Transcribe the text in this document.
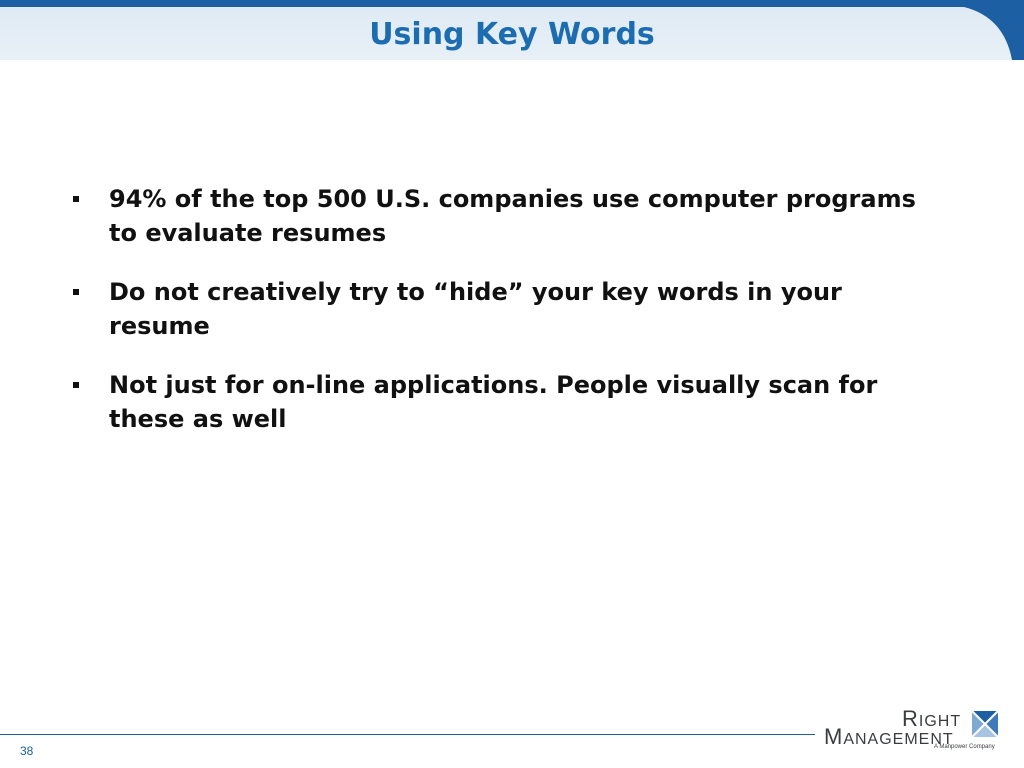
Using Key Words
94% of the top 500 U.S. companies use computer programs to evaluate resumes
Do not creatively try to “hide” your key words in your resume
Not just for on-line applications. People visually scan for these as well
38
RIGHT
MANAGEMENT
A Manpower Company
